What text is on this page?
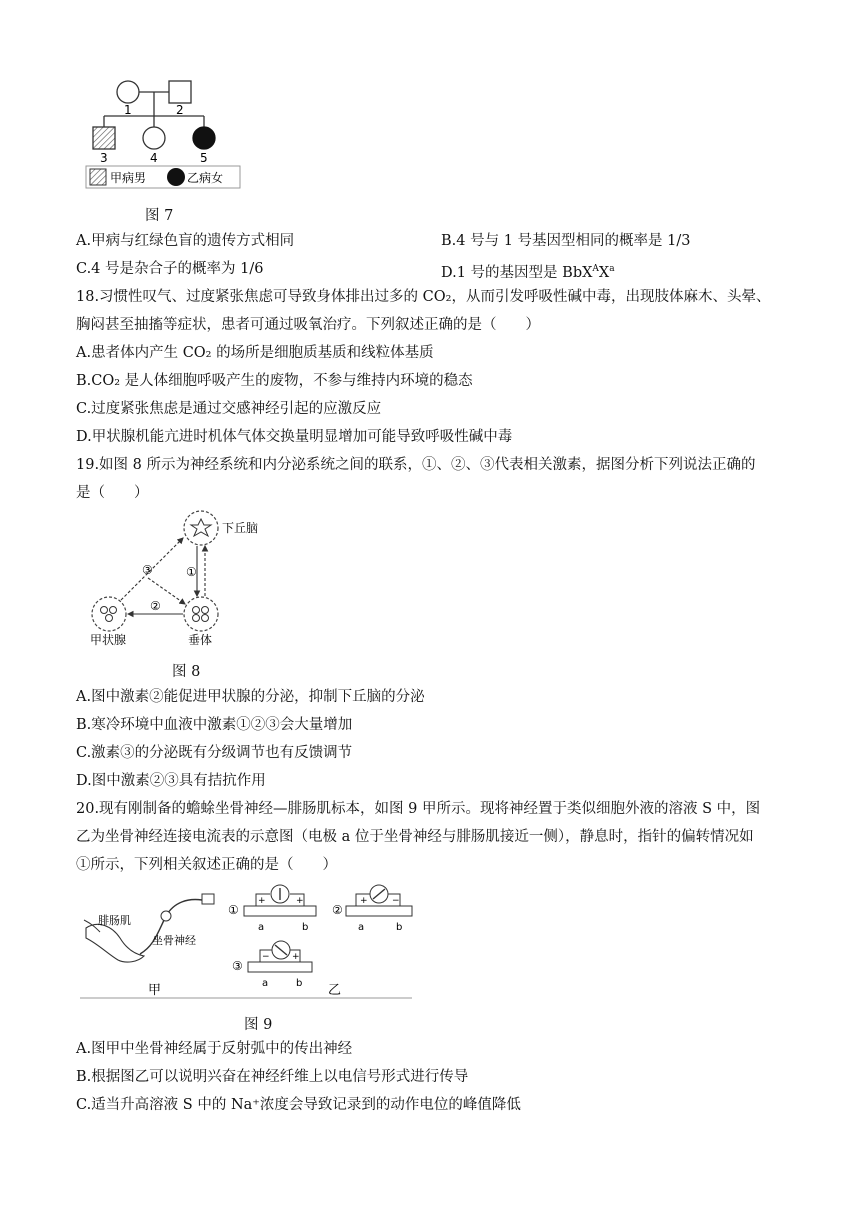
1	2
3	4	5
甲病男	乙病女
图 7
A.甲病与红绿色盲的遗传方式相同	B.4 号与 1 号基因型相同的概率是 1/3
C.4 号是杂合子的概率为 1/6	D.1 号的基因型是 $BbX^AX^a$
18.习惯性叹气、过度紧张焦虑可导致身体排出过多的 CO₂，从而引发呼吸性碱中毒，出现肢体麻木、头晕、
胸闷甚至抽搐等症状，患者可通过吸氧治疗。下列叙述正确的是（　　）
A.患者体内产生 CO₂ 的场所是细胞质基质和线粒体基质
B.CO₂ 是人体细胞呼吸产生的废物，不参与维持内环境的稳态
C.过度紧张焦虑是通过交感神经引起的应激反应
D.甲状腺机能亢进时机体气体交换量明显增加可能导致呼吸性碱中毒
19.如图 8 所示为神经系统和内分泌系统之间的联系，①、②、③代表相关激素，据图分析下列说法正确的
是（　　）
下丘脑
垂体
甲状腺
①
②
③
图 8
A.图中激素②能促进甲状腺的分泌，抑制下丘脑的分泌
B.寒冷环境中血液中激素①②③会大量增加
C.激素③的分泌既有分级调节也有反馈调节
D.图中激素②③具有拮抗作用
20.现有刚制备的蟾蜍坐骨神经—腓肠肌标本，如图 9 甲所示。现将神经置于类似细胞外液的溶液 S 中，图
乙为坐骨神经连接电流表的示意图（电极 a 位于坐骨神经与腓肠肌接近一侧），静息时，指针的偏转情况如
①所示，下列相关叙述正确的是（　　）
腓肠肌
坐骨神经
甲
①
+	+
a	b
②
+	−
a	b
③
− +
a	b 乙
图 9
A.图甲中坐骨神经属于反射弧中的传出神经
B.根据图乙可以说明兴奋在神经纤维上以电信号形式进行传导
C.适当升高溶液 S 中的 Na⁺浓度会导致记录到的动作电位的峰值降低
